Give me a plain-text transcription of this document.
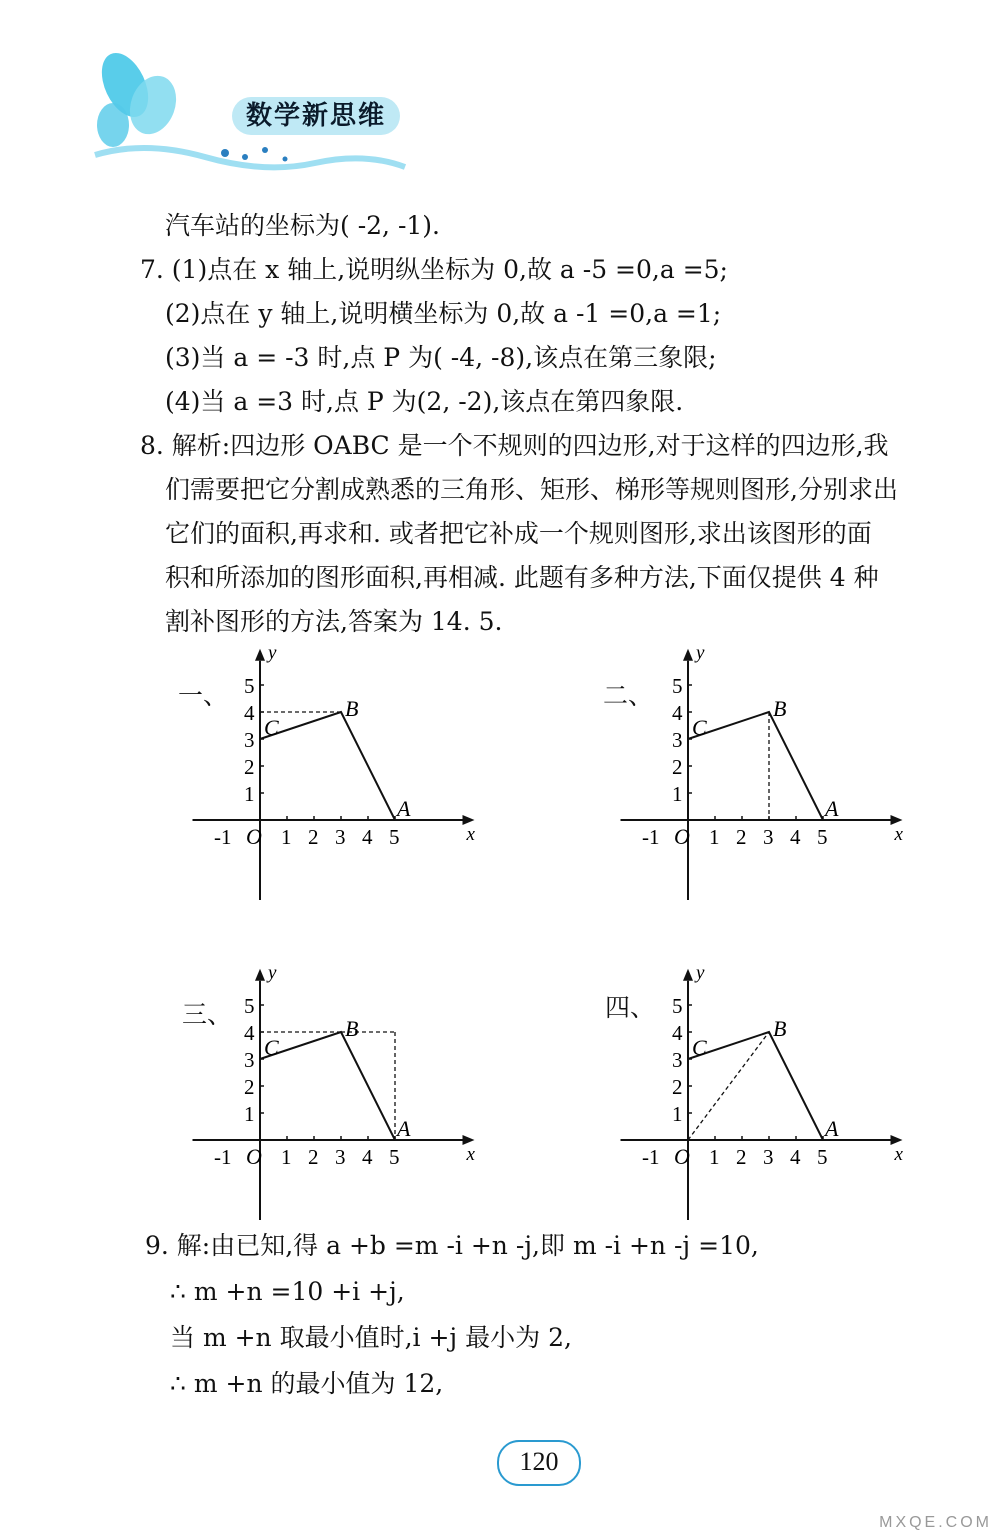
数学新思维
汽车站的坐标为( -2, -1).
7. (1)点在 x 轴上,说明纵坐标为 0,故 a -5 =0,a =5;
(2)点在 y 轴上,说明横坐标为 0,故 a -1 =0,a =1;
(3)当 a = -3 时,点 P 为( -4, -8),该点在第三象限;
(4)当 a =3 时,点 P 为(2, -2),该点在第四象限.
8. 解析:四边形 OABC 是一个不规则的四边形,对于这样的四边形,我
们需要把它分割成熟悉的三角形、矩形、梯形等规则图形,分别求出
它们的面积,再求和. 或者把它补成一个规则图形,求出该图形的面
积和所添加的图形面积,再相减. 此题有多种方法,下面仅提供 4 种
割补图形的方法,答案为 14. 5.
9. 解:由已知,得 a +b =m -i +n -j,即 m -i +n -j =10,
∴ m +n =10 +i +j,
当 m +n 取最小值时,i +j 最小为 2,
∴ m +n 的最小值为 12,
一、	二、
三、	四、
x
y
1 2 3 4 5
-1 O
1
2
3
4
5
C
B
A
x
y
1 2 3 4 5
-1 O
1
2
3
4
5
C
B
A
x
y
1 2 3 4 5
-1 O
1
2
3
4
5
C
B
A
x
y
1 2 3 4 5
-1 O
1
2
3
4
5
C
B
A
120
MXQE.COM
